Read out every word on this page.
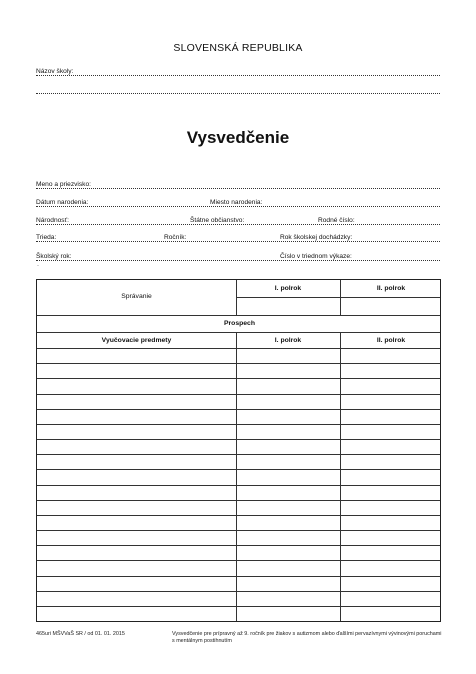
SLOVENSKÁ REPUBLIKA
Názov školy:
Vysvedčenie
Meno a priezvisko:
Dátum narodenia:	Miesto narodenia:
Národnosť:	Štátne občianstvo:	Rodné číslo:
Trieda:	Ročník:	Rok školskej dochádzky:
Školský rok:	Číslo v triednom výkaze:
·
Správanie
I. polrok	II. polrok
Prospech
Vyučovacie predmety	I. polrok	II. polrok
465uri MŠVVaŠ SR / od 01. 01. 2015	Vysvedčenie pre prípravný až 9. ročník pre žiakov s autizmom alebo ďalšími pervazívnymi vývinovými poruchami s mentálnym postihnutím
